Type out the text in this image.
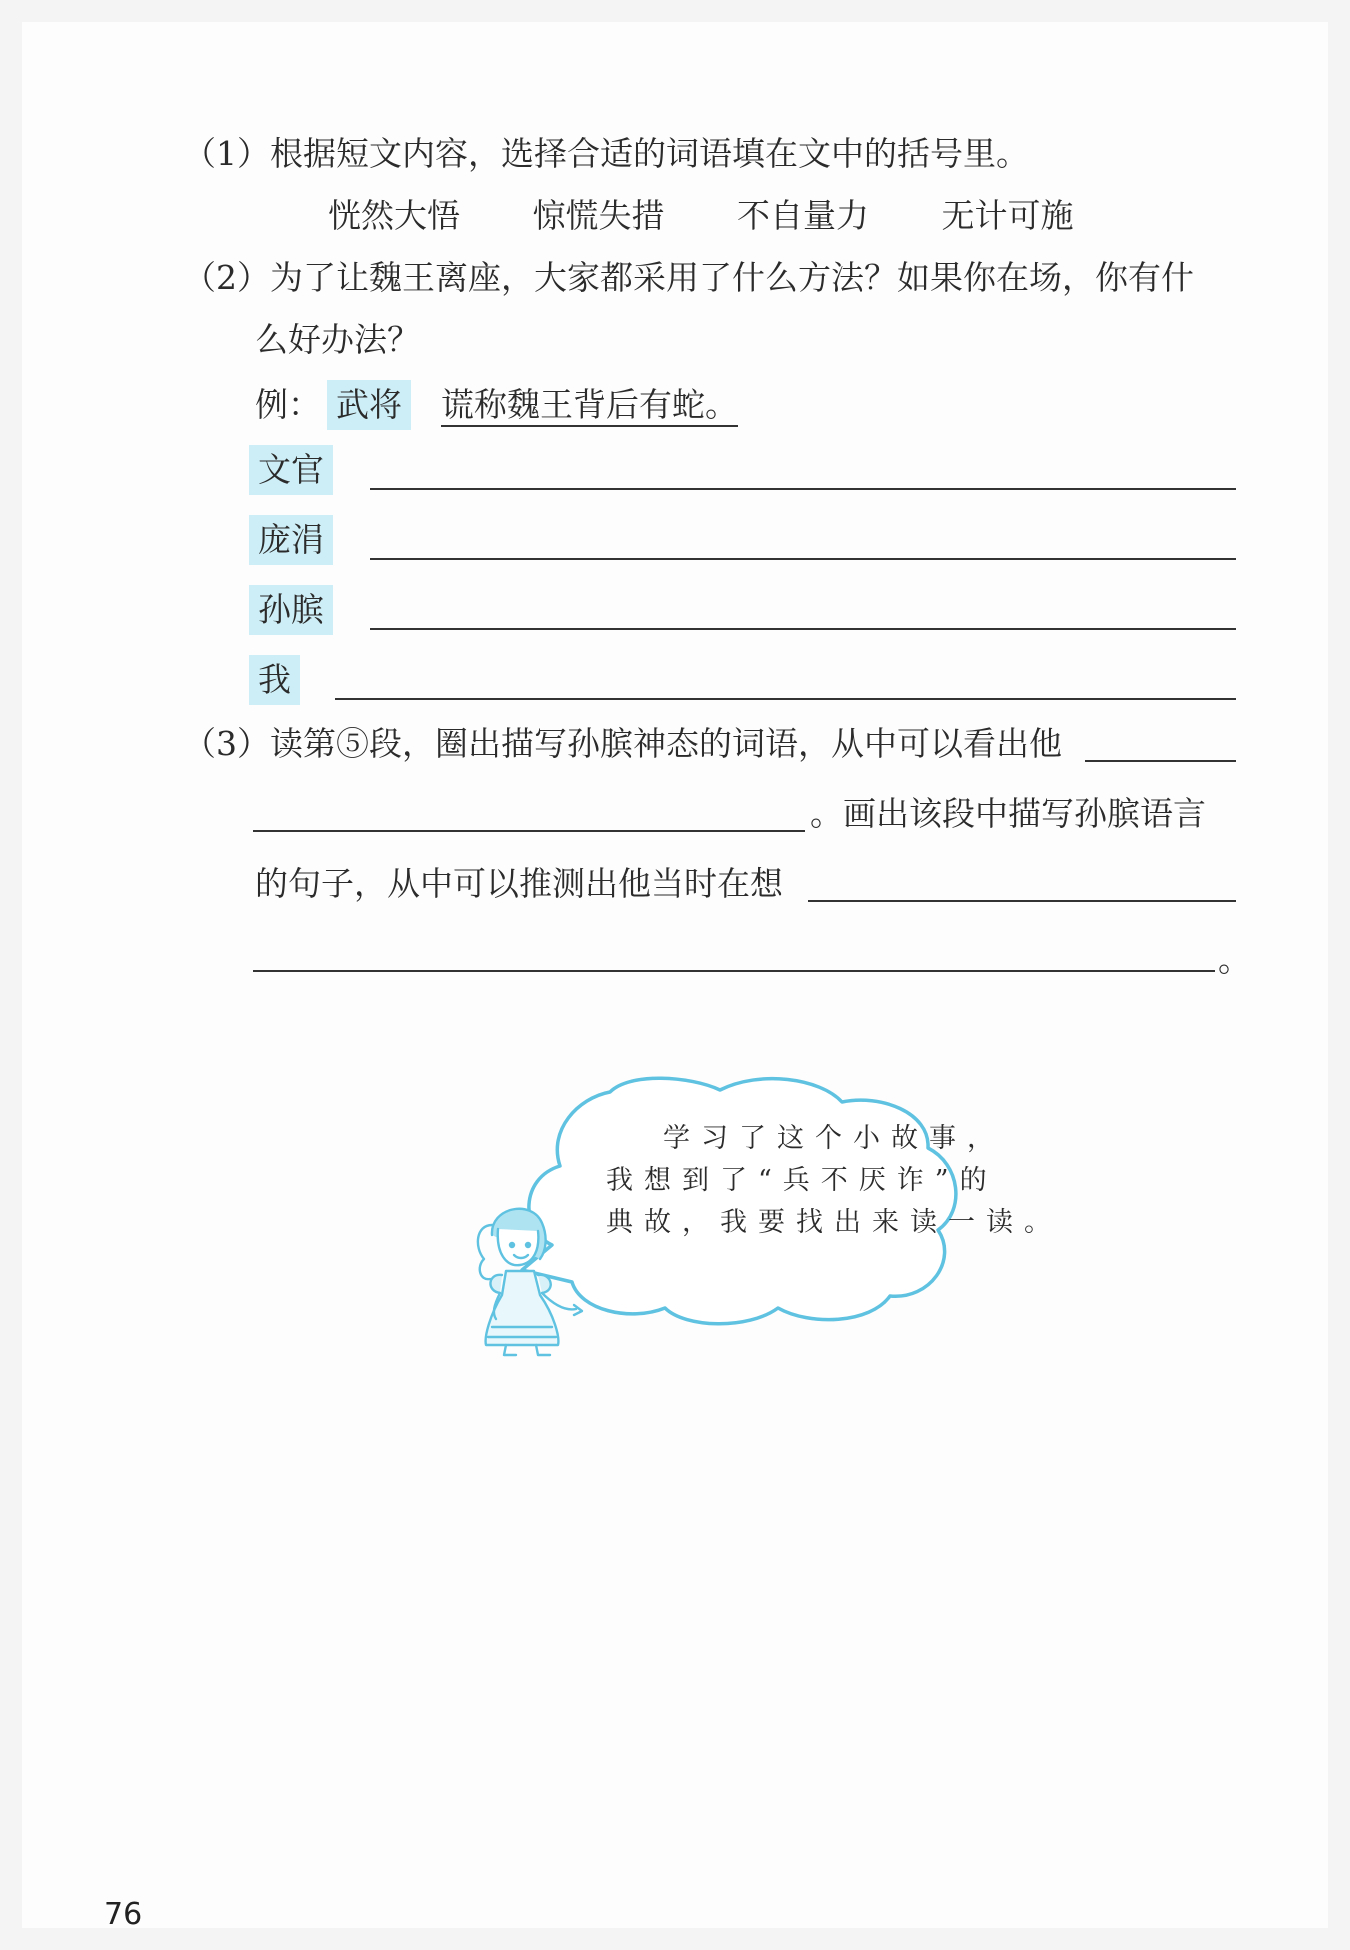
（1）根据短文内容，选择合适的词语填在文中的括号里。
恍然大悟 惊慌失措 不自量力 无计可施
（2）为了让魏王离座，大家都采用了什么方法？如果你在场，你有什
么好办法？
例： 武将 谎称魏王背后有蛇。
文官
庞涓
孙膑
我
（3）读第⑤段，圈出描写孙膑神态的词语，从中可以看出他
。画出该段中描写孙膑语言
的句子，从中可以推测出他当时在想
。
学习了这个小故事，
我想到了“兵不厌诈”的
典故，我要找出来读一读。
76
